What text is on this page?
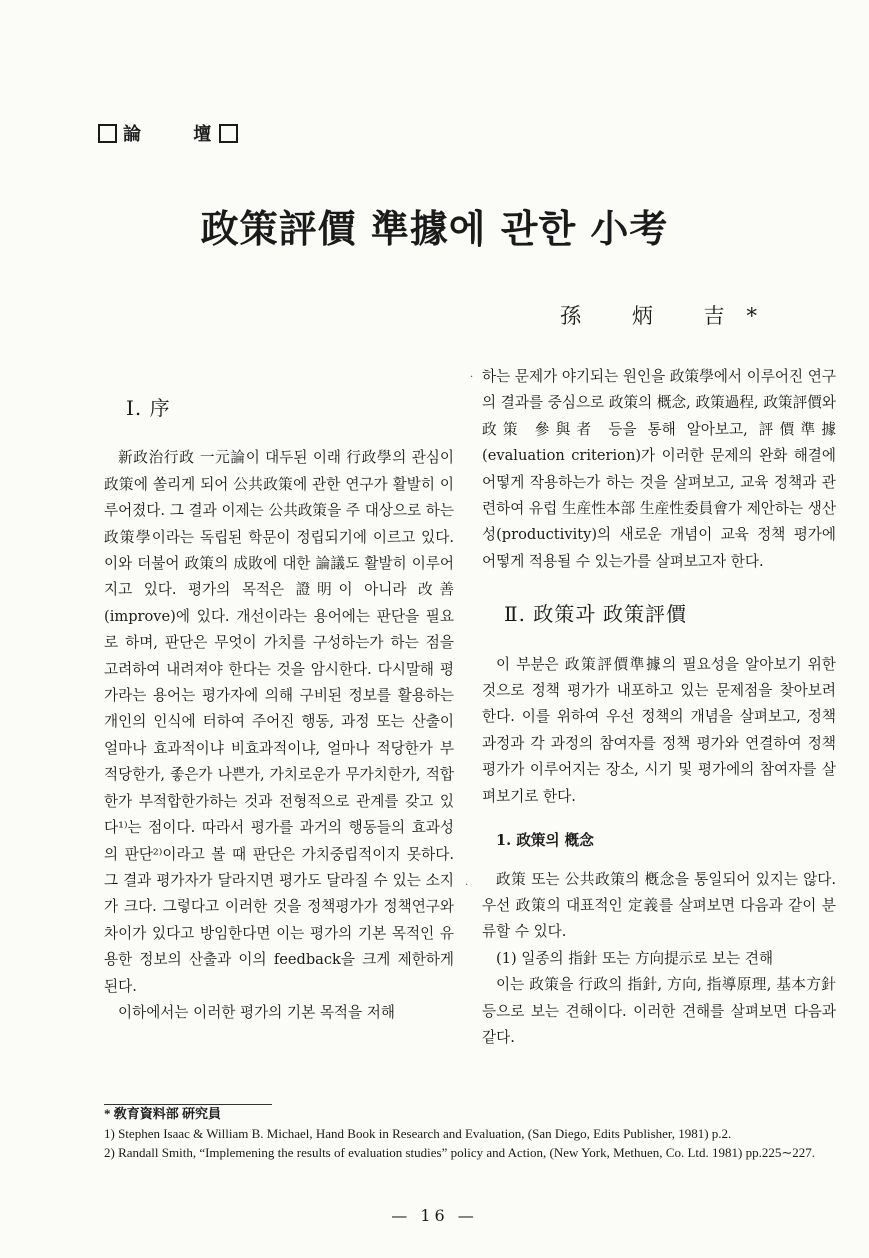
論　 壇
政策評價 準據에 관한 小考
孫 炳 吉*
·
·
Ⅰ. 序

新政治行政 一元論이 대두된 이래 行政學의 관심이 政策에 쏠리게 되어 公共政策에 관한 연구가 활발히 이루어졌다. 그 결과 이제는 公共政策을 주 대상으로 하는 政策學이라는 독립된 학문이 정립되기에 이르고 있다. 이와 더불어 政策의 成敗에 대한 論議도 활발히 이루어지고 있다. 평가의 목적은 證明이 아니라 改善(improve)에 있다. 개선이라는 용어에는 판단을 필요로 하며, 판단은 무엇이 가치를 구성하는가 하는 점을 고려하여 내려져야 한다는 것을 암시한다. 다시말해 평가라는 용어는 평가자에 의해 구비된 정보를 활용하는 개인의 인식에 터하여 주어진 행동, 과정 또는 산출이 얼마나 효과적이냐 비효과적이냐, 얼마나 적당한가 부적당한가, 좋은가 나쁜가, 가치로운가 무가치한가, 적합한가 부적합한가하는 것과 전형적으로 관계를 갖고 있다¹⁾는 점이다. 따라서 평가를 과거의 행동들의 효과성의 판단²⁾이라고 볼 때 판단은 가치중립적이지 못하다. 그 결과 평가자가 달라지면 평가도 달라질 수 있는 소지가 크다. 그렇다고 이러한 것을 정책평가가 정책연구와 차이가 있다고 방임한다면 이는 평가의 기본 목적인 유용한 정보의 산출과 이의 feedback을 크게 제한하게 된다.

이하에서는 이러한 평가의 기본 목적을 저해

하는 문제가 야기되는 원인을 政策學에서 이루어진 연구의 결과를 중심으로 政策의 概念, 政策過程, 政策評價와 政策 參與者 등을 통해 알아보고, 評價準據(evaluation criterion)가 이러한 문제의 완화 해결에 어떻게 작용하는가 하는 것을 살펴보고, 교육 정책과 관련하여 유럽 生産性本部 生産性委員會가 제안하는 생산성(productivity)의 새로운 개념이 교육 정책 평가에 어떻게 적용될 수 있는가를 살펴보고자 한다.

Ⅱ. 政策과 政策評價

이 부분은 政策評價準據의 필요성을 알아보기 위한 것으로 정책 평가가 내포하고 있는 문제점을 찾아보려 한다. 이를 위하여 우선 정책의 개념을 살펴보고, 정책 과정과 각 과정의 참여자를 정책 평가와 연결하여 정책 평가가 이루어지는 장소, 시기 및 평가에의 참여자를 살펴보기로 한다.

1. 政策의 槪念

政策 또는 公共政策의 槪念을 통일되어 있지는 않다. 우선 政策의 대표적인 定義를 살펴보면 다음과 같이 분류할 수 있다.

(1) 일종의 指針 또는 方向提示로 보는 견해

이는 政策을 行政의 指針, 方向, 指導原理, 基本方針 등으로 보는 견해이다. 이러한 견해를 살펴보면 다음과 같다.

* 敎育資料部 硏究員

1) Stephen Isaac & William B. Michael, Hand Book in Research and Evaluation, (San Diego, Edits Publisher, 1981) p.2.

2) Randall Smith, “Implemening the results of evaluation studies” policy and Action, (New York, Methuen, Co. Ltd. 1981) pp.225∼227.

— 16 —
